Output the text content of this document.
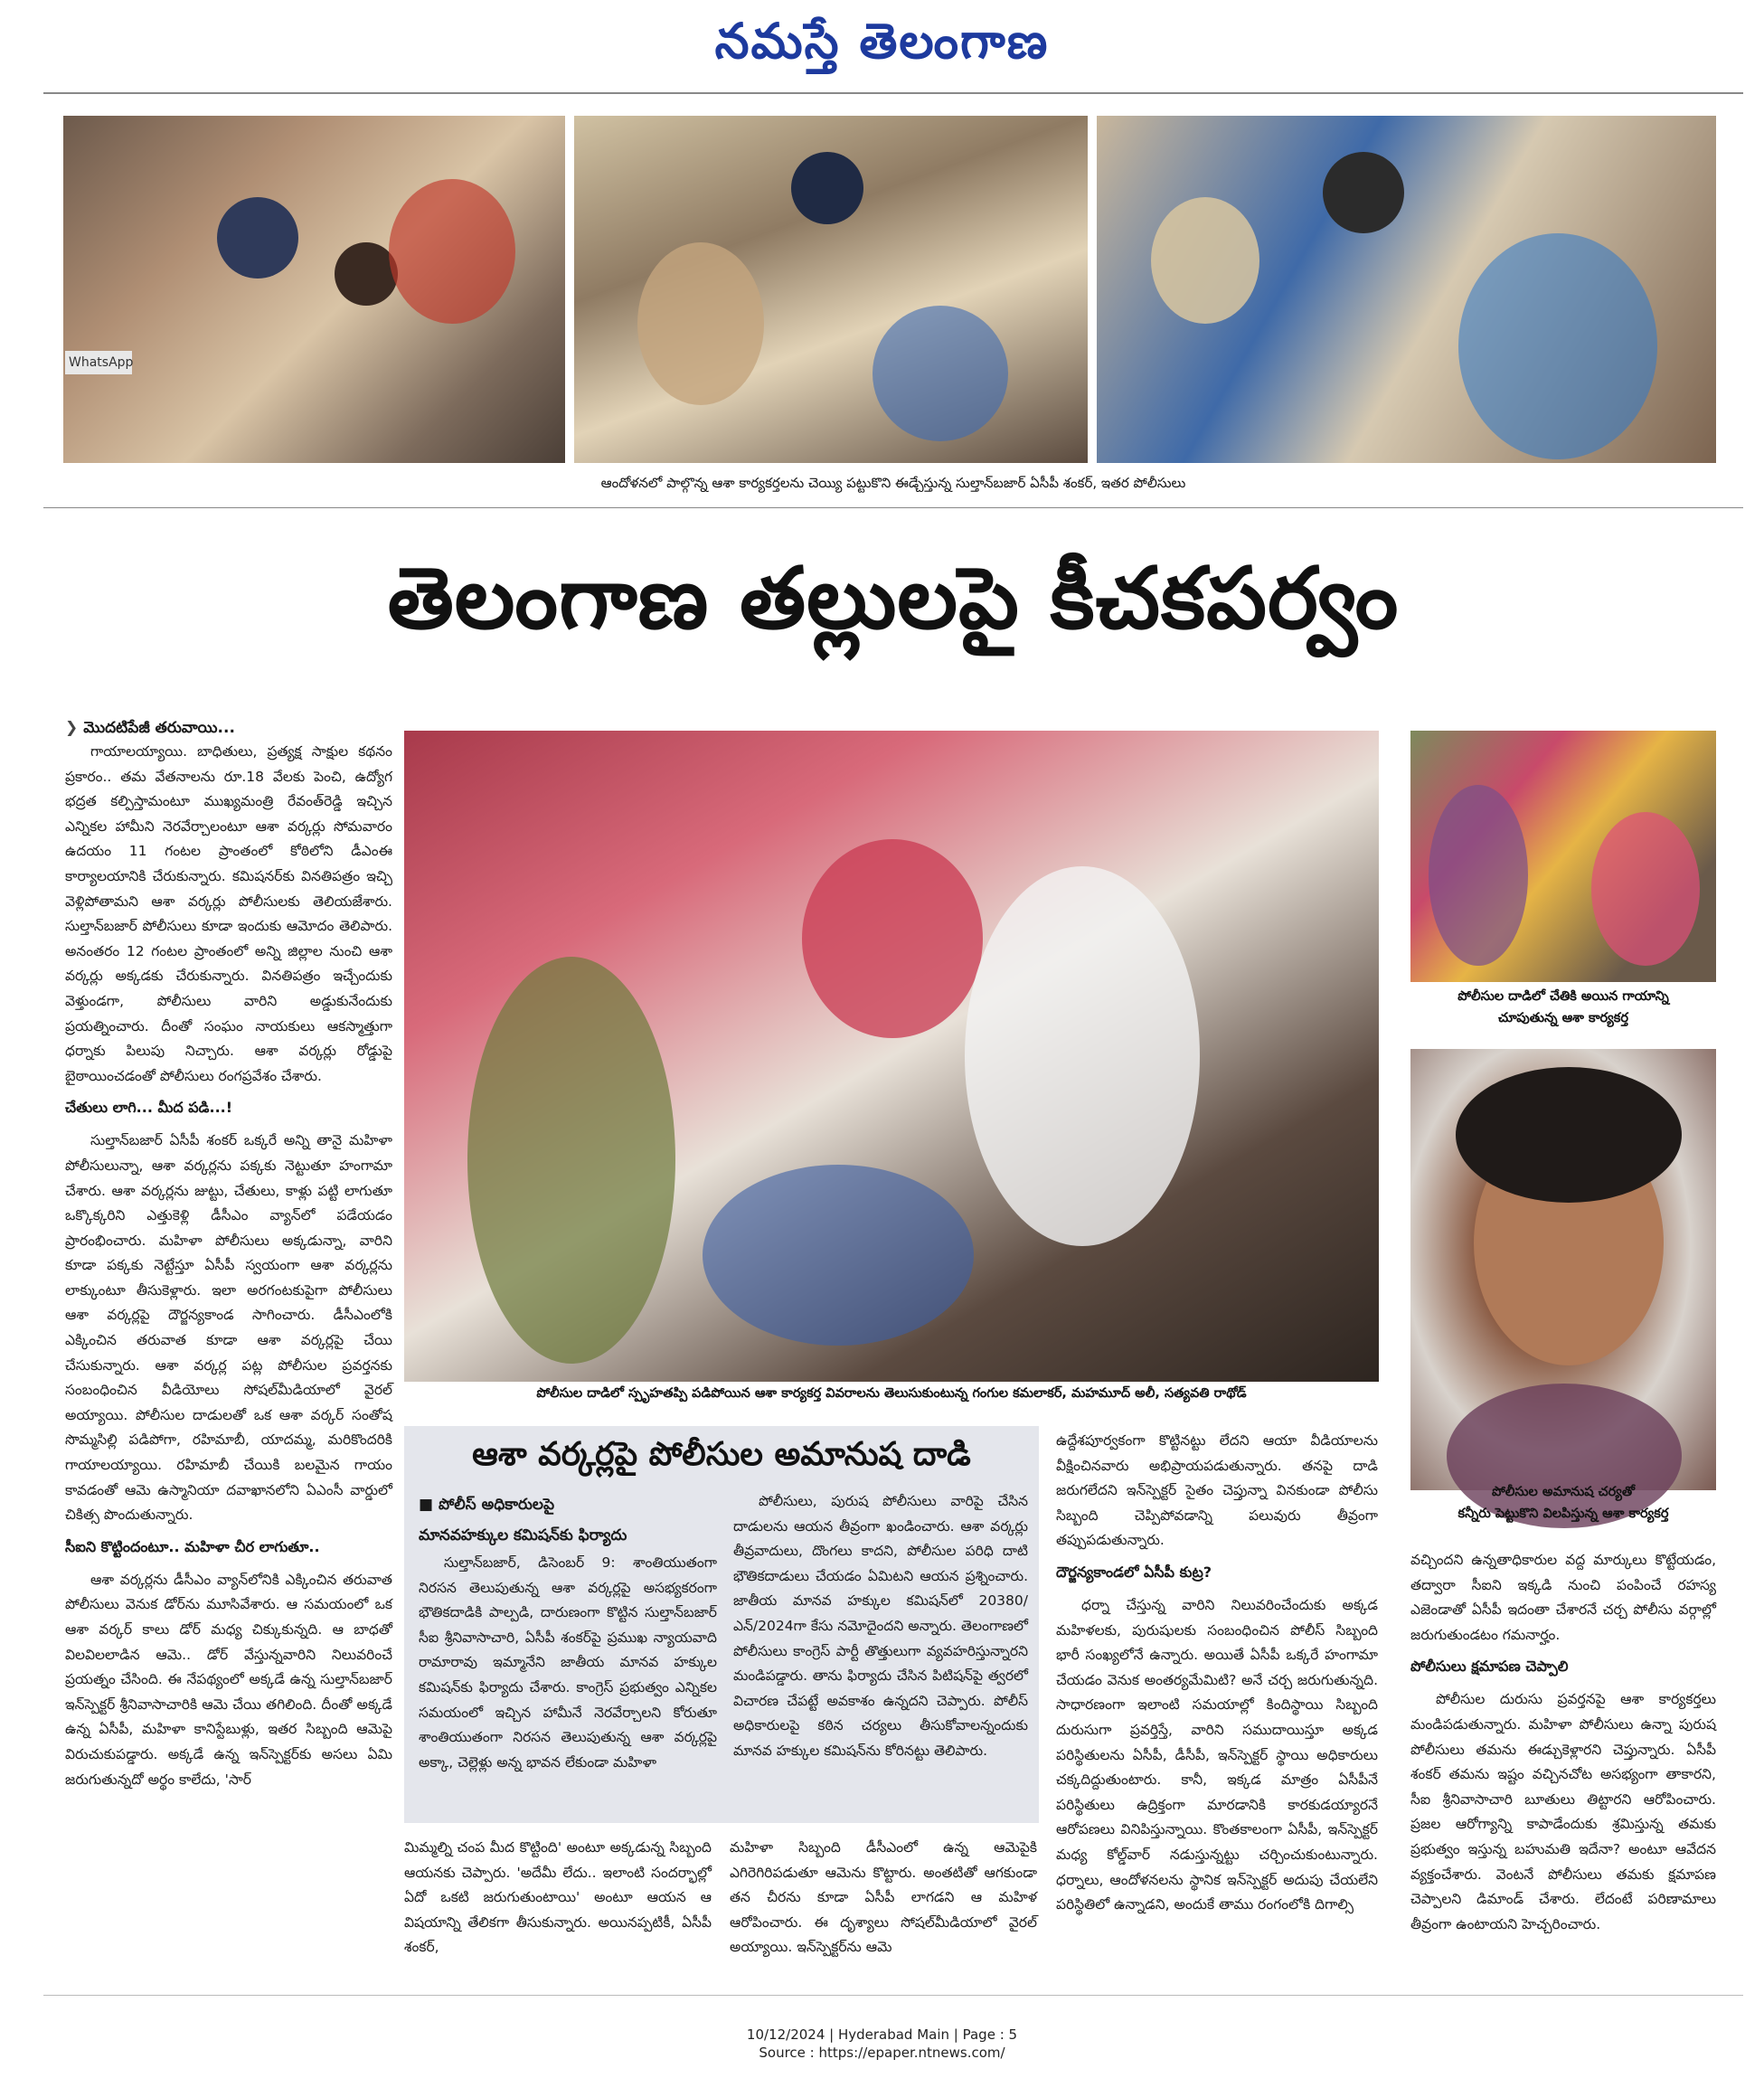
నమస్తే తెలంగాణ
WhatsApp
ఆందోళనలో పాల్గొన్న ఆశా కార్యకర్తలను చెయ్యి పట్టుకొని ఈడ్చేస్తున్న సుల్తాన్‌బజార్ ఏసీపీ శంకర్, ఇతర పోలీసులు
తెలంగాణ తల్లులపై కీచకపర్వం
❯ మొదటిపేజీ తరువాయి...

గాయాలయ్యాయి. బాధితులు, ప్రత్యక్ష సాక్షుల కథనం ప్రకారం.. తమ వేతనాలను రూ.18 వేలకు పెంచి, ఉద్యోగ భద్రత కల్పిస్తామంటూ ముఖ్యమంత్రి రేవంత్‌రెడ్డి ఇచ్చిన ఎన్నికల హామీని నెరవేర్చాలంటూ ఆశా వర్కర్లు సోమవారం ఉదయం 11 గంటల ప్రాంతంలో కోఠిలోని డీఎంఈ కార్యాలయానికి చేరుకున్నారు. కమిషనర్‌కు వినతిపత్రం ఇచ్చి వెళ్లిపోతామని ఆశా వర్కర్లు పోలీసులకు తెలియజేశారు. సుల్తాన్‌బజార్ పోలీసులు కూడా ఇందుకు ఆమోదం తెలిపారు. అనంతరం 12 గంటల ప్రాంతంలో అన్ని జిల్లాల నుంచి ఆశా వర్కర్లు అక్కడకు చేరుకున్నారు. వినతిపత్రం ఇచ్చేందుకు వెళ్తుండగా, పోలీసులు వారిని అడ్డుకునేందుకు ప్రయత్నించారు. దీంతో సంఘం నాయకులు ఆకస్మాత్తుగా ధర్నాకు పిలుపు నిచ్చారు. ఆశా వర్కర్లు రోడ్డుపై బైఠాయించడంతో పోలీసులు రంగప్రవేశం చేశారు.

చేతులు లాగి... మీద పడి...!

సుల్తాన్‌బజార్ ఏసీపీ శంకర్ ఒక్కరే అన్ని తానై మహిళా పోలీసులున్నా, ఆశా వర్కర్లను పక్కకు నెట్టుతూ హంగామా చేశారు. ఆశా వర్కర్లను జుట్టు, చేతులు, కాళ్లు పట్టి లాగుతూ ఒక్కొక్కరిని ఎత్తుకెళ్లి డీసీఎం వ్యాన్‌లో పడేయడం ప్రారంభించారు. మహిళా పోలీసులు అక్కడున్నా, వారిని కూడా పక్కకు నెట్టేస్తూ ఏసీపీ స్వయంగా ఆశా వర్కర్లను లాక్కుంటూ తీసుకెళ్లారు. ఇలా అరగంటకుపైగా పోలీసులు ఆశా వర్కర్లపై దౌర్జన్యకాండ సాగించారు. డీసీఎంలోకి ఎక్కించిన తరువాత కూడా ఆశా వర్కర్లపై చేయి చేసుకున్నారు. ఆశా వర్కర్ల పట్ల పోలీసుల ప్రవర్తనకు సంబంధించిన వీడియోలు సోషల్‌మీడియాలో వైరల్ అయ్యాయి. పోలీసుల దాడులతో ఒక ఆశా వర్కర్ సంతోష సొమ్మసిల్లి పడిపోగా, రహిమాబీ, యాదమ్మ, మరికొందరికి గాయాలయ్యాయి. రహిమాబీ చేయికి బలమైన గాయం కావడంతో ఆమె ఉస్మానియా దవాఖానలోని ఏఎంసీ వార్డులో చికిత్స పొందుతున్నారు.

సీఐని కొట్టిందంటూ.. మహిళా చీర లాగుతూ..

ఆశా వర్కర్లను డీసీఎం వ్యాన్‌లోనికి ఎక్కించిన తరువాత పోలీసులు వెనుక డోర్‌ను మూసివేశారు. ఆ సమయంలో ఒక ఆశా వర్కర్ కాలు డోర్ మధ్య చిక్కుకున్నది. ఆ బాధతో విలవిలలాడిన ఆమె.. డోర్ వేస్తున్నవారిని నిలువరించే ప్రయత్నం చేసింది. ఈ నేపథ్యంలో అక్కడే ఉన్న సుల్తాన్‌బజార్ ఇన్‌స్పెక్టర్ శ్రీనివాసాచారికి ఆమె చేయి తగిలింది. దీంతో అక్కడే ఉన్న ఏసీపీ, మహిళా కానిస్టేబుళ్లు, ఇతర సిబ్బంది ఆమెపై విరుచుకుపడ్డారు. అక్కడే ఉన్న ఇన్‌స్పెక్టర్‌కు అసలు ఏమి జరుగుతున్నదో అర్థం కాలేదు, 'సార్

పోలీసుల దాడిలో స్పృహతప్పి పడిపోయిన ఆశా కార్యకర్త వివరాలను తెలుసుకుంటున్న గంగుల కమలాకర్, మహమూద్ అలీ, సత్యవతి రాథోడ్
ఆశా వర్కర్లపై పోలీసుల అమానుష దాడి
■ పోలీస్ అధికారులపై
మానవహక్కుల కమిషన్‌కు ఫిర్యాదు

సుల్తాన్‌బజార్, డిసెంబర్ 9: శాంతియుతంగా నిరసన తెలుపుతున్న ఆశా వర్కర్లపై అసభ్యకరంగా భౌతికదాడికి పాల్పడి, దారుణంగా కొట్టిన సుల్తాన్‌బజార్ సీఐ శ్రీనివాసాచారి, ఏసీపీ శంకర్‌పై ప్రముఖ న్యాయవాది రామారావు ఇమ్మానేని జాతీయ మానవ హక్కుల కమిషన్‌కు ఫిర్యాదు చేశారు. కాంగ్రెస్ ప్రభుత్వం ఎన్నికల సమయంలో ఇచ్చిన హామీనే నెరవేర్చాలని కోరుతూ శాంతియుతంగా నిరసన తెలుపుతున్న ఆశా వర్కర్లపై అక్కా, చెల్లెళ్లు అన్న భావన లేకుండా మహిళా

పోలీసులు, పురుష పోలీసులు వారిపై చేసిన దాడులను ఆయన తీవ్రంగా ఖండించారు. ఆశా వర్కర్లు తీవ్రవాదులు, దొంగలు కాదని, పోలీసుల పరిధి దాటి భౌతికదాడులు చేయడం ఏమిటని ఆయన ప్రశ్నించారు. జాతీయ మానవ హక్కుల కమిషన్‌లో 20380/ఎన్/2024గా కేసు నమోదైందని అన్నారు. తెలంగాణలో పోలీసులు కాంగ్రెస్ పార్టీ తొత్తులుగా వ్యవహరిస్తున్నారని మండిపడ్డారు. తాను ఫిర్యాదు చేసిన పిటిషన్‌పై త్వరలో విచారణ చేపట్టే అవకాశం ఉన్నదని చెప్పారు. పోలీస్ అధికారులపై కఠిన చర్యలు తీసుకోవాలన్నందుకు మానవ హక్కుల కమిషన్‌ను కోరినట్టు తెలిపారు.

మిమ్మల్ని చంప మీద కొట్టింది' అంటూ అక్కడున్న సిబ్బంది ఆయనకు చెప్పారు. 'అదేమీ లేదు.. ఇలాంటి సందర్భాల్లో ఏదో ఒకటి జరుగుతుంటాయి' అంటూ ఆయన ఆ విషయాన్ని తేలికగా తీసుకున్నారు. అయినప్పటికీ, ఏసీపీ శంకర్,

మహిళా సిబ్బంది డీసీఎంలో ఉన్న ఆమెపైకి ఎగిరెగిరిపడుతూ ఆమెను కొట్టారు. అంతటితో ఆగకుండా తన చీరను కూడా ఏసీపీ లాగడని ఆ మహిళ ఆరోపించారు. ఈ దృశ్యాలు సోషల్‌మీడియాలో వైరల్ అయ్యాయి. ఇన్‌స్పెక్టర్‌ను ఆమె

ఉద్దేశపూర్వకంగా కొట్టినట్టు లేదని ఆయా వీడియాలను వీక్షించినవారు అభిప్రాయపడుతున్నారు. తనపై దాడి జరుగలేదని ఇన్‌స్పెక్టర్ సైతం చెప్తున్నా వినకుండా పోలీసు సిబ్బంది చెప్పిపోవడాన్ని పలువురు తీవ్రంగా తప్పుపడుతున్నారు.

దౌర్జన్యకాండలో ఏసీపీ కుట్ర?

ధర్నా చేస్తున్న వారిని నిలువరించేందుకు అక్కడ మహిళలకు, పురుషులకు సంబంధించిన పోలీస్ సిబ్బంది భారీ సంఖ్యలోనే ఉన్నారు. అయితే ఏసీపీ ఒక్కరే హంగామా చేయడం వెనుక అంతర్యమేమిటి? అనే చర్చ జరుగుతున్నది. సాధారణంగా ఇలాంటి సమయాల్లో కిందిస్థాయి సిబ్బంది దురుసుగా ప్రవర్తిస్తే, వారిని సముదాయిస్తూ అక్కడ పరిస్థితులను ఏసీపీ, డీసీపీ, ఇన్‌స్పెక్టర్ స్థాయి అధికారులు చక్కదిద్దుతుంటారు. కానీ, ఇక్కడ మాత్రం ఏసీపీనే పరిస్థితులు ఉద్రిక్తంగా మారడానికి కారకుడయ్యారనే ఆరోపణలు వినిపిస్తున్నాయి. కొంతకాలంగా ఏసీపీ, ఇన్‌స్పెక్టర్ మధ్య కోల్డ్‌వార్ నడుస్తున్నట్టు చర్చించుకుంటున్నారు. ధర్నాలు, ఆందోళనలను స్థానిక ఇన్‌స్పెక్టర్ అదుపు చేయలేని పరిస్థితిలో ఉన్నాడని, అందుకే తాము రంగంలోకి దిగాల్సి

పోలీసుల దాడిలో చేతికి అయిన గాయాన్ని
చూపుతున్న ఆశా కార్యకర్త
పోలీసుల అమానుష చర్యతో
కన్నీరు పెట్టుకొని విలపిస్తున్న ఆశా కార్యకర్త

వచ్చిందని ఉన్నతాధికారుల వద్ద మార్కులు కొట్టేయడం, తద్వారా సీఐని ఇక్కడి నుంచి పంపించే రహస్య ఎజెండాతో ఏసీపీ ఇదంతా చేశారనే చర్చ పోలీసు వర్గాల్లో జరుగుతుండటం గమనార్హం.

పోలీసులు క్షమాపణ చెప్పాలి

పోలీసుల దురుసు ప్రవర్తనపై ఆశా కార్యకర్తలు మండిపడుతున్నారు. మహిళా పోలీసులు ఉన్నా పురుష పోలీసులు తమను ఈడ్చుకెళ్లారని చెప్తున్నారు. ఏసీపీ శంకర్ తమను ఇష్టం వచ్చినచోట అసభ్యంగా తాకారని, సీఐ శ్రీనివాసాచారి బూతులు తిట్టారని ఆరోపించారు. ప్రజల ఆరోగ్యాన్ని కాపాడేందుకు శ్రమిస్తున్న తమకు ప్రభుత్వం ఇస్తున్న బహుమతి ఇదేనా? అంటూ ఆవేదన వ్యక్తంచేశారు. వెంటనే పోలీసులు తమకు క్షమాపణ చెప్పాలని డిమాండ్ చేశారు. లేదంటే పరిణామాలు తీవ్రంగా ఉంటాయని హెచ్చరించారు.

10/12/2024 | Hyderabad Main | Page : 5
Source : https://epaper.ntnews.com/
